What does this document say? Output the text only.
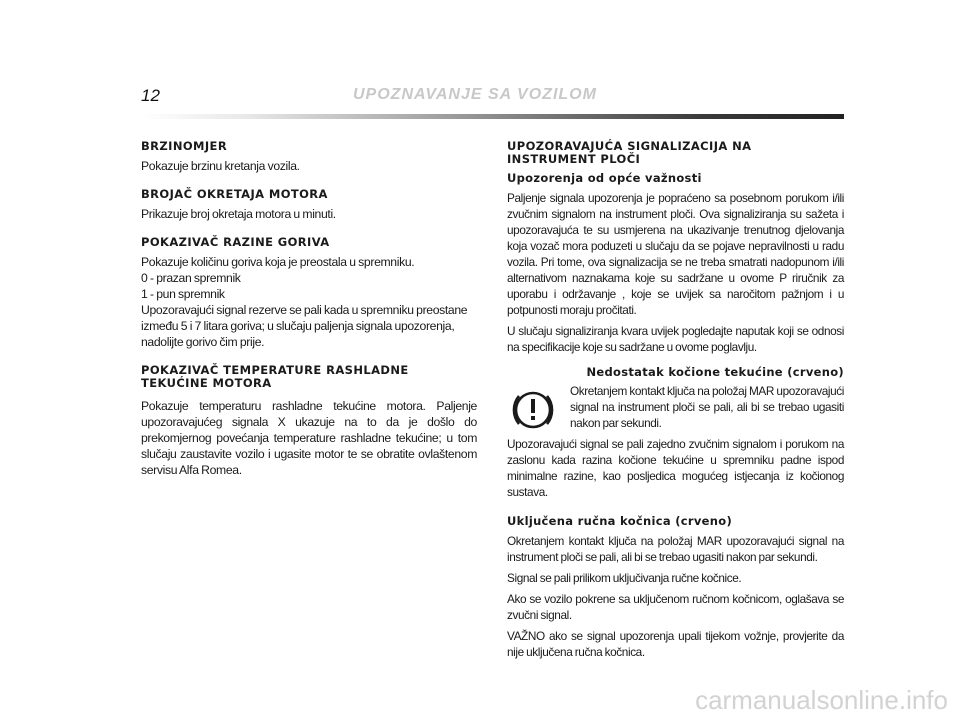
12	UPOZNAVANJE SA VOZILOM
BRZINOMJER

Pokazuje brzinu kretanja vozila.

BROJAČ OKRETAJA MOTORA

Prikazuje broj okretaja motora u minuti.

POKAZIVAČ RAZINE GORIVA

Pokazuje količinu goriva koja je preostala u spremniku.

0 - prazan spremnik

1 - pun spremnik

Upozoravajući signal rezerve se pali kada u spremniku preostane između 5 i 7 litara goriva; u slučaju paljenja signala upozorenja, nadolijte gorivo čim prije.

POKAZIVAČ TEMPERATURE RASHLADNE
TEKUĆINE MOTORA

Pokazuje temperaturu rashladne tekućine motora. Paljenje upozoravajućeg signala X ukazuje na to da je došlo do prekomjernog povećanja temperature rashladne tekućine; u tom slučaju zaustavite vozilo i ugasite motor te se obratite ovlaštenom servisu Alfa Romea.

UPOZORAVAJUĆA SIGNALIZACIJA NA
INSTRUMENT PLOČI
Upozorenja od opće važnosti

Paljenje signala upozorenja je popraćeno sa posebnom porukom i/ili zvučnim signalom na instrument ploči. Ova signaliziranja su sažeta i upozoravajuća te su usmjerena na ukazivanje trenutnog djelovanja koja vozač mora poduzeti u slučaju da se pojave nepravilnosti u radu vozila. Pri tome, ova signalizacija se ne treba smatrati nadopunom i/ili alternativom naznakama koje su sadržane u ovome P riručnik za uporabu i održavanje , koje se uvijek sa naročitom pažnjom i u potpunosti moraju pročitati.

U slučaju signaliziranja kvara uvijek pogledajte naputak koji se odnosi na specifikacije koje su sadržane u ovome poglavlju.

Nedostatak kočione tekućine (crveno)

Okretanjem kontakt ključa na položaj MAR upozoravajući signal na instrument ploči se pali, ali bi se trebao ugasiti nakon par sekundi.

Upozoravajući signal se pali zajedno zvučnim signalom i porukom na zaslonu kada razina kočione tekućine u spremniku padne ispod minimalne razine, kao posljedica mogućeg istjecanja iz kočionog sustava.

Uključena ručna kočnica (crveno)

Okretanjem kontakt ključa na položaj MAR upozoravajući signal na instrument ploči se pali, ali bi se trebao ugasiti nakon par sekundi.

Signal se pali prilikom uključivanja ručne kočnice.

Ako se vozilo pokrene sa uključenom ručnom kočnicom, oglašava se zvučni signal.

VAŽNO ako se signal upozorenja upali tijekom vožnje, provjerite da nije uključena ručna kočnica.

carmanualsonline.info
